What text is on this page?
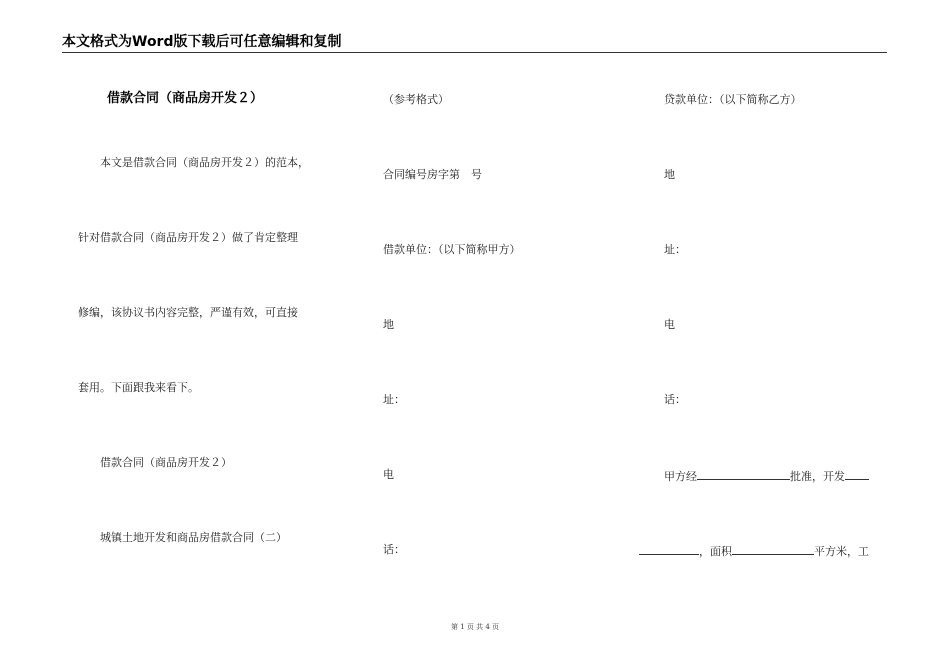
本文格式为Word版下载后可任意编辑和复制
借款合同（商品房开发２）
本文是借款合同（商品房开发２）的范本，
针对借款合同（商品房开发２）做了肯定整理
修编，该协议书内容完整，严谨有效，可直接
套用。下面跟我来看下。
借款合同（商品房开发２）
城镇土地开发和商品房借款合同（二）
（参考格式）
合同编号房字第　号
借款单位：（以下简称甲方）
地
址：
电
话：
贷款单位：（以下简称乙方）
地
址：
电
话：
甲方经	批准，开发
，面积	平方米，工
第 1 页 共 4 页
